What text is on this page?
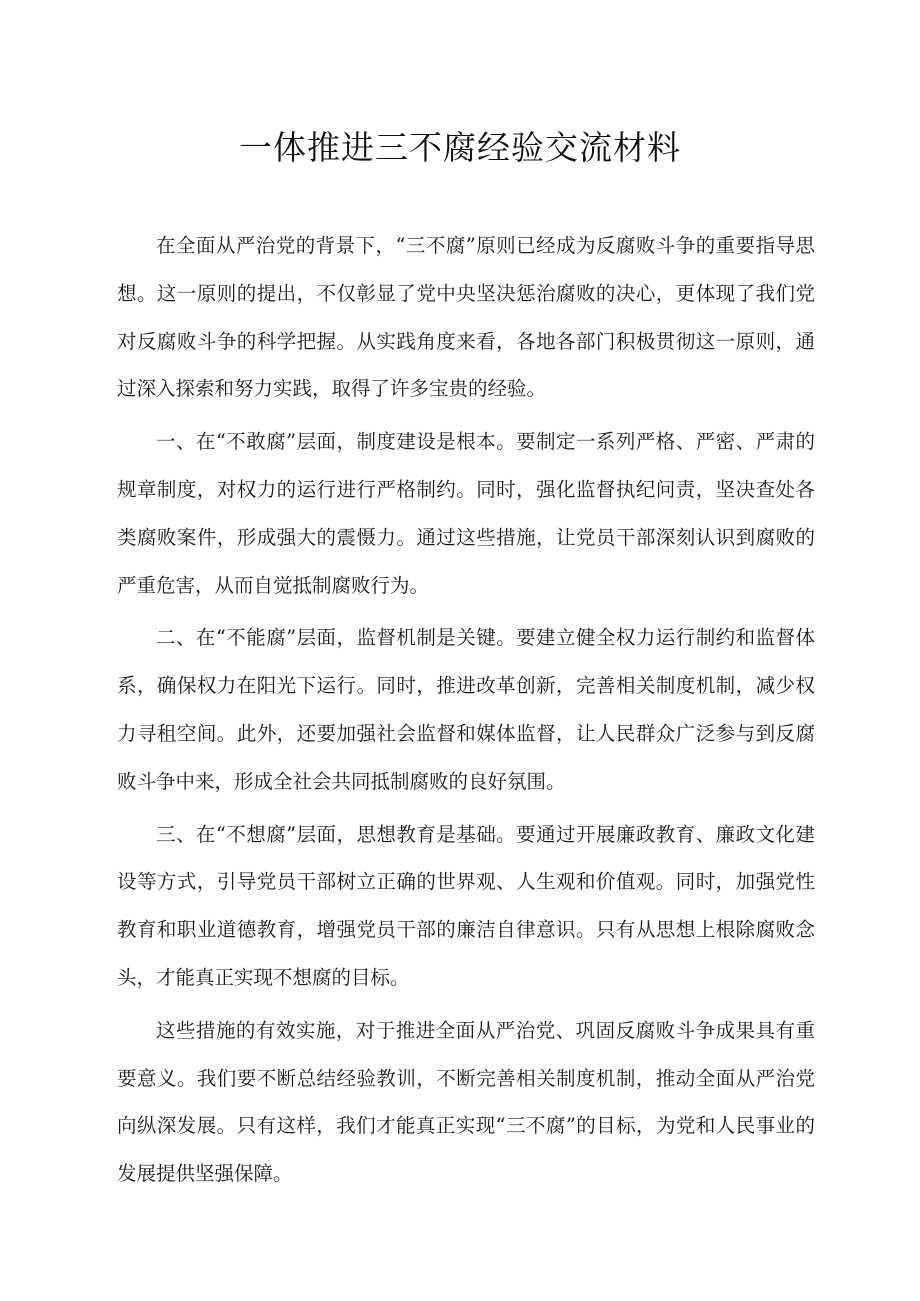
一体推进三不腐经验交流材料

在全面从严治党的背景下，“三不腐”原则已经成为反腐败斗争的重要指导思想。这一原则的提出，不仅彰显了党中央坚决惩治腐败的决心，更体现了我们党对反腐败斗争的科学把握。从实践角度来看，各地各部门积极贯彻这一原则，通过深入探索和努力实践，取得了许多宝贵的经验。

一、在“不敢腐”层面，制度建设是根本。要制定一系列严格、严密、严肃的规章制度，对权力的运行进行严格制约。同时，强化监督执纪问责，坚决查处各类腐败案件，形成强大的震慑力。通过这些措施，让党员干部深刻认识到腐败的严重危害，从而自觉抵制腐败行为。

二、在“不能腐”层面，监督机制是关键。要建立健全权力运行制约和监督体系，确保权力在阳光下运行。同时，推进改革创新，完善相关制度机制，减少权力寻租空间。此外，还要加强社会监督和媒体监督，让人民群众广泛参与到反腐败斗争中来，形成全社会共同抵制腐败的良好氛围。

三、在“不想腐”层面，思想教育是基础。要通过开展廉政教育、廉政文化建设等方式，引导党员干部树立正确的世界观、人生观和价值观。同时，加强党性教育和职业道德教育，增强党员干部的廉洁自律意识。只有从思想上根除腐败念头，才能真正实现不想腐的目标。

这些措施的有效实施，对于推进全面从严治党、巩固反腐败斗争成果具有重要意义。我们要不断总结经验教训，不断完善相关制度机制，推动全面从严治党向纵深发展。只有这样，我们才能真正实现“三不腐”的目标，为党和人民事业的发展提供坚强保障。
